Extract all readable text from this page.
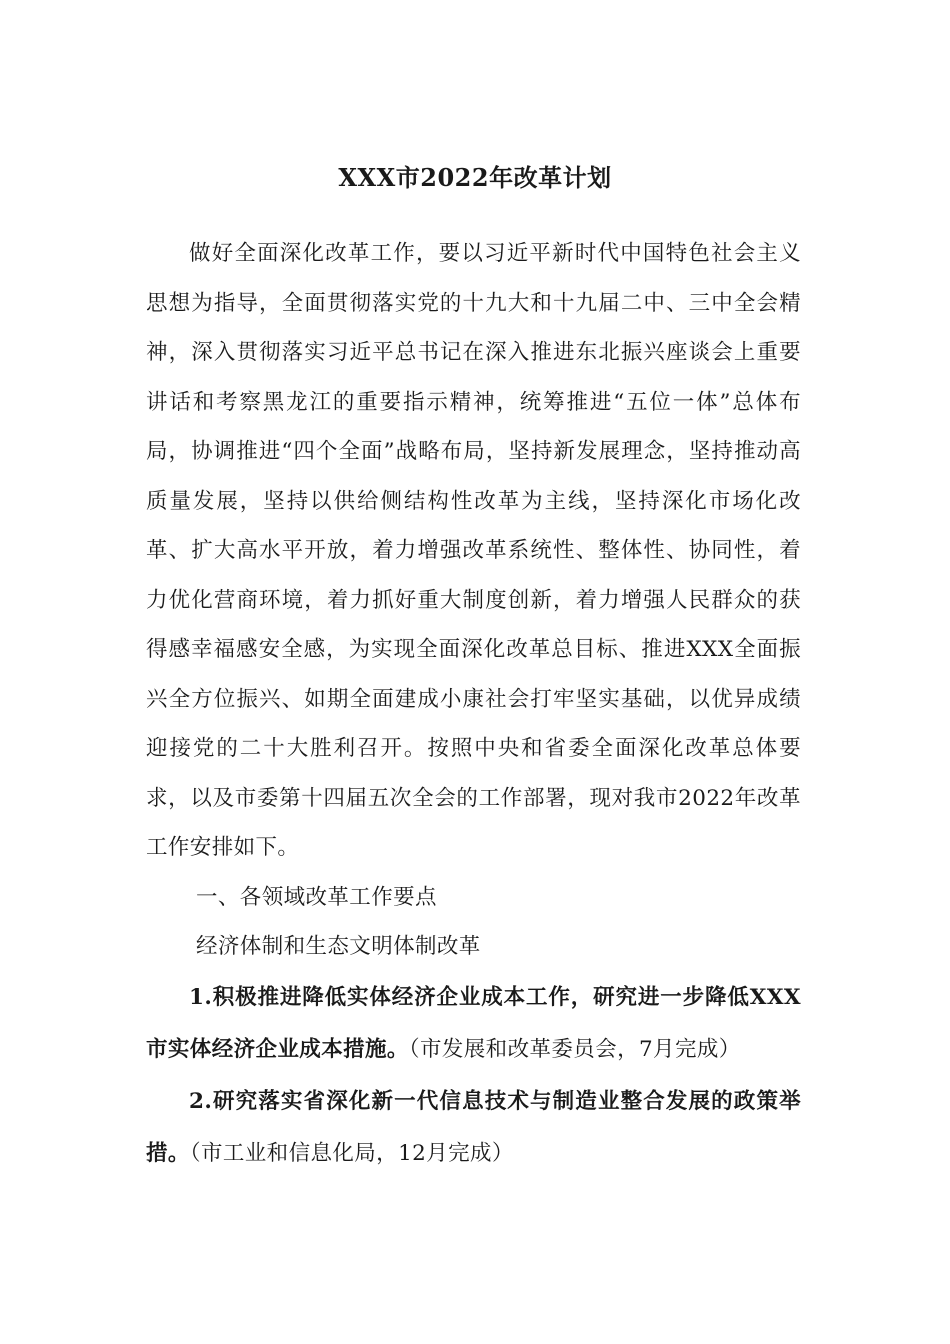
XXX市2022年改革计划

做好全面深化改革工作，要以习近平新时代中国特色社会主义思想为指导，全面贯彻落实党的十九大和十九届二中、三中全会精神，深入贯彻落实习近平总书记在深入推进东北振兴座谈会上重要讲话和考察黑龙江的重要指示精神，统筹推进“五位一体”总体布局，协调推进“四个全面”战略布局，坚持新发展理念，坚持推动高质量发展，坚持以供给侧结构性改革为主线，坚持深化市场化改革、扩大高水平开放，着力增强改革系统性、整体性、协同性，着力优化营商环境，着力抓好重大制度创新，着力增强人民群众的获得感幸福感安全感，为实现全面深化改革总目标、推进XXX全面振兴全方位振兴、如期全面建成小康社会打牢坚实基础，以优异成绩迎接党的二十大胜利召开。按照中央和省委全面深化改革总体要求，以及市委第十四届五次全会的工作部署，现对我市2022年改革工作安排如下。

一、各领域改革工作要点

经济体制和生态文明体制改革

1.积极推进降低实体经济企业成本工作，研究进一步降低XXX市实体经济企业成本措施。（市发展和改革委员会，7月完成）

2.研究落实省深化新一代信息技术与制造业整合发展的政策举措。（市工业和信息化局，12月完成）
